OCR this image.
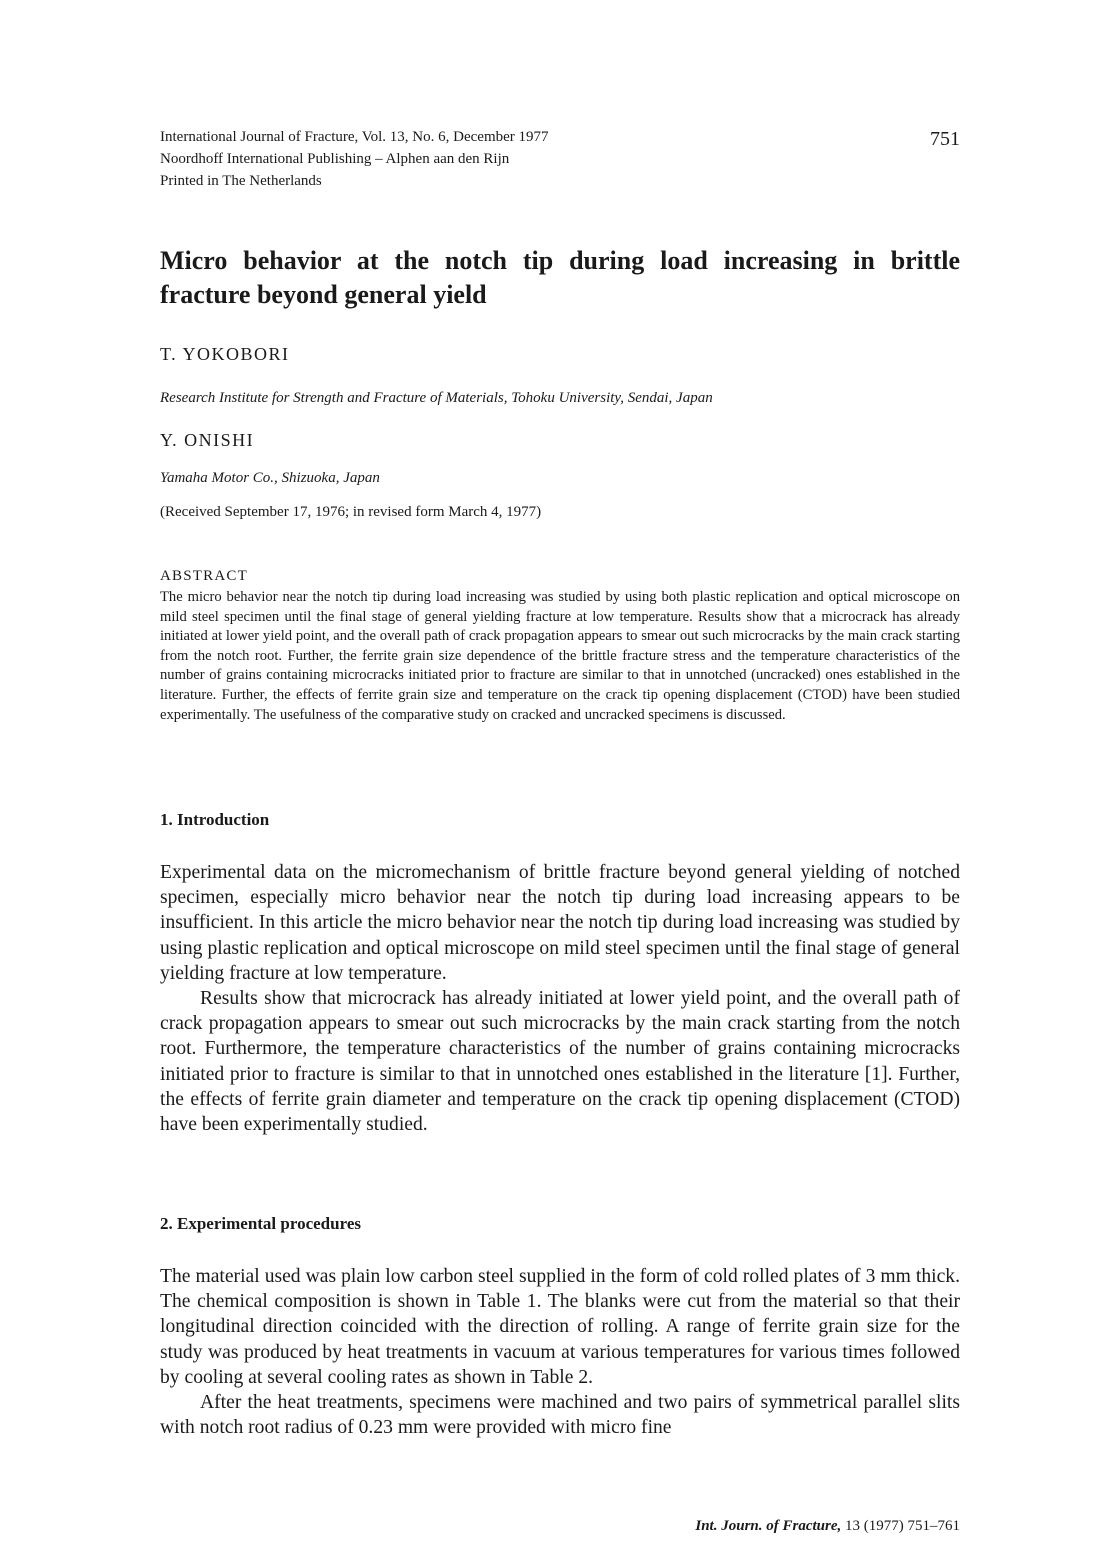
International Journal of Fracture, Vol. 13, No. 6, December 1977
Noordhoff International Publishing – Alphen aan den Rijn
Printed in The Netherlands
751
Micro behavior at the notch tip during load increasing in brittle fracture beyond general yield
T. YOKOBORI
Research Institute for Strength and Fracture of Materials, Tohoku University, Sendai, Japan
Y. ONISHI
Yamaha Motor Co., Shizuoka, Japan
(Received September 17, 1976; in revised form March 4, 1977)
ABSTRACT

The micro behavior near the notch tip during load increasing was studied by using both plastic replication and optical microscope on mild steel specimen until the final stage of general yielding fracture at low temperature. Results show that a microcrack has already initiated at lower yield point, and the overall path of crack propagation appears to smear out such microcracks by the main crack starting from the notch root. Further, the ferrite grain size dependence of the brittle fracture stress and the temperature characteristics of the number of grains containing microcracks initiated prior to fracture are similar to that in unnotched (uncracked) ones established in the literature. Further, the effects of ferrite grain size and temperature on the crack tip opening displacement (CTOD) have been studied experimentally. The usefulness of the comparative study on cracked and uncracked specimens is discussed.

1. Introduction

Experimental data on the micromechanism of brittle fracture beyond general yielding of notched specimen, especially micro behavior near the notch tip during load increasing appears to be insufficient. In this article the micro behavior near the notch tip during load increasing was studied by using plastic replication and optical microscope on mild steel specimen until the final stage of general yielding fracture at low temperature.

Results show that microcrack has already initiated at lower yield point, and the overall path of crack propagation appears to smear out such microcracks by the main crack starting from the notch root. Furthermore, the temperature characteristics of the number of grains containing microcracks initiated prior to fracture is similar to that in unnotched ones established in the literature [1]. Further, the effects of ferrite grain diameter and temperature on the crack tip opening displacement (CTOD) have been experimentally studied.

2. Experimental procedures

The material used was plain low carbon steel supplied in the form of cold rolled plates of 3 mm thick. The chemical composition is shown in Table 1. The blanks were cut from the material so that their longitudinal direction coincided with the direction of rolling. A range of ferrite grain size for the study was produced by heat treatments in vacuum at various temperatures for various times followed by cooling at several cooling rates as shown in Table 2.

After the heat treatments, specimens were machined and two pairs of symmetrical parallel slits with notch root radius of 0.23 mm were provided with micro fine

Int. Journ. of Fracture, 13 (1977) 751–761
